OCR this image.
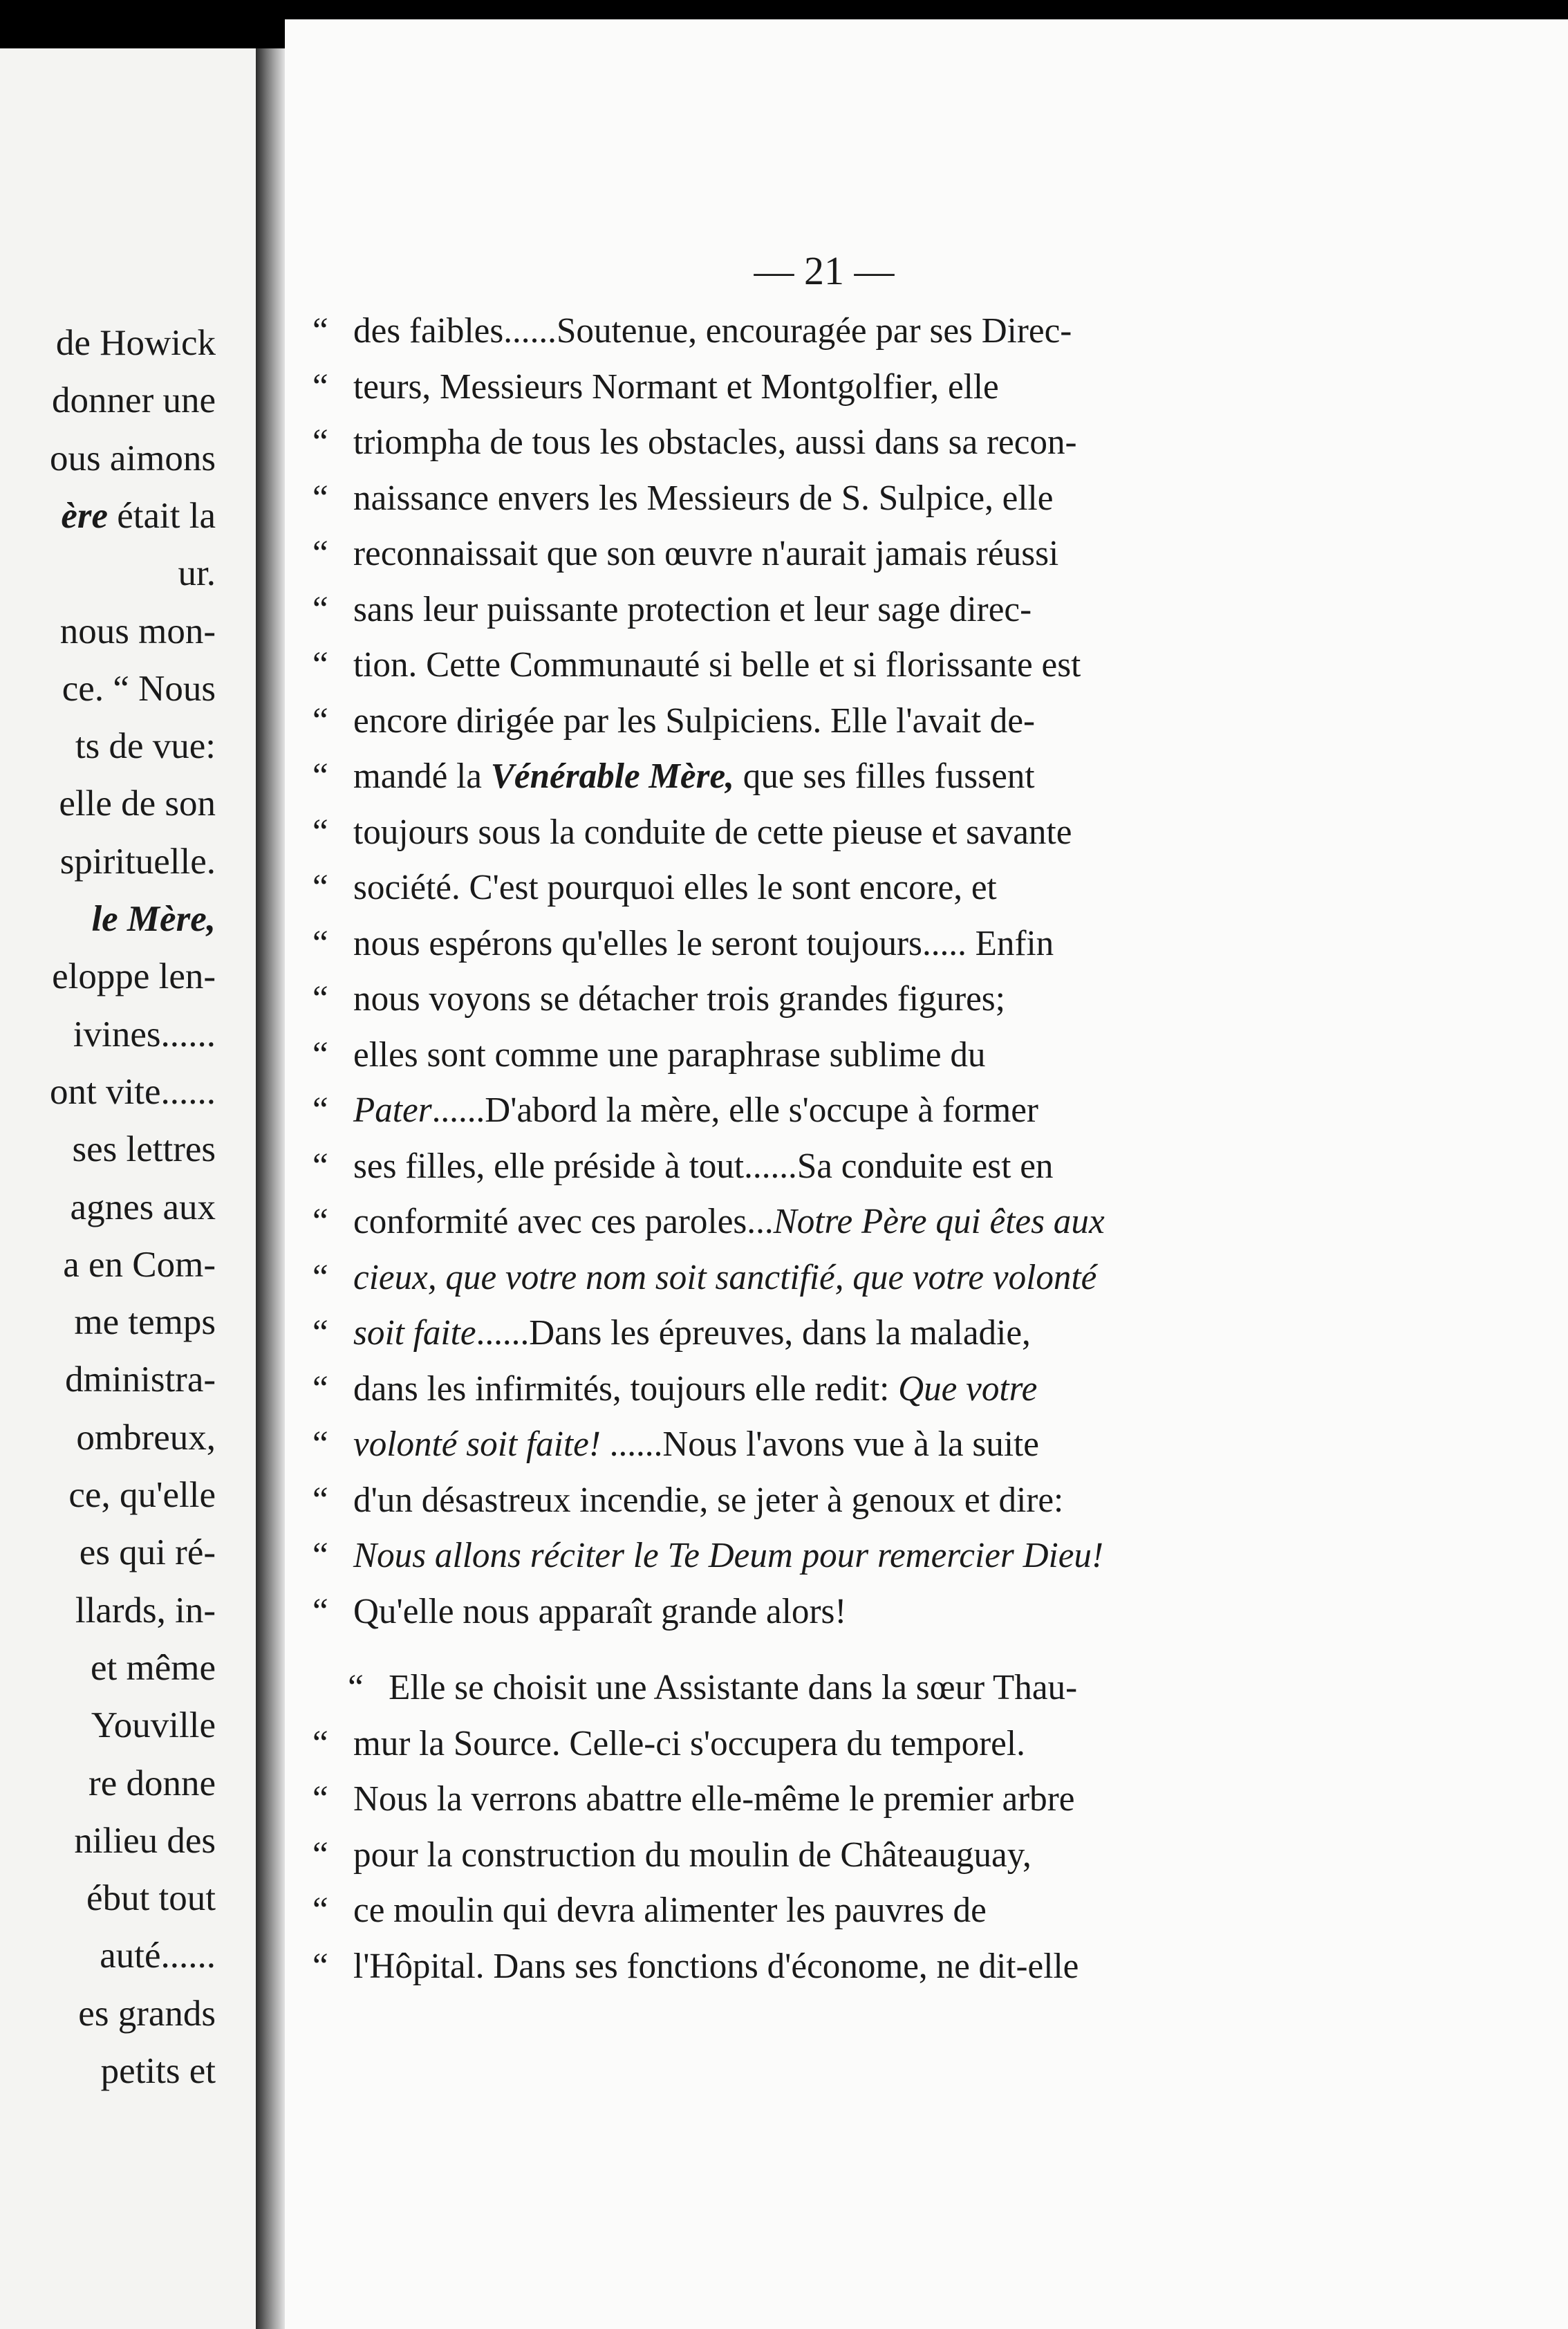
de Howick
donner une
ous aimons
ère était la
ur.
nous mon-
ce. “ Nous
ts de vue:
elle de son
spirituelle.
le Mère,
eloppe len-
ivines......
ont vite......
ses lettres
agnes aux
a en Com-
me temps
dministra-
ombreux,
ce, qu'elle
es qui ré-
llards, in-
et même
Youville
re donne
nilieu des
ébut tout
auté......
es grands
petits et
— 21 —
“ des faibles......Soutenue, encouragée par ses Direc-
“ teurs, Messieurs Normant et Montgolfier, elle
“ triompha de tous les obstacles, aussi dans sa recon-
“ naissance envers les Messieurs de S. Sulpice, elle
“ reconnaissait que son œuvre n'aurait jamais réussi
“ sans leur puissante protection et leur sage direc-
“ tion. Cette Communauté si belle et si florissante est
“ encore dirigée par les Sulpiciens. Elle l'avait de-
“ mandé la Vénérable Mère, que ses filles fussent
“ toujours sous la conduite de cette pieuse et savante
“ société. C'est pourquoi elles le sont encore, et
“ nous espérons qu'elles le seront toujours..... Enfin
“ nous voyons se détacher trois grandes figures;
“ elles sont comme une paraphrase sublime du
“ Pater......D'abord la mère, elle s'occupe à former
“ ses filles, elle préside à tout......Sa conduite est en
“ conformité avec ces paroles...Notre Père qui êtes aux
“ cieux, que votre nom soit sanctifié, que votre volonté
“ soit faite......Dans les épreuves, dans la maladie,
“ dans les infirmités, toujours elle redit: Que votre
“ volonté soit faite! ......Nous l'avons vue à la suite
“ d'un désastreux incendie, se jeter à genoux et dire:
“ Nous allons réciter le Te Deum pour remercier Dieu!
“ Qu'elle nous apparaît grande alors!
“ Elle se choisit une Assistante dans la sœur Thau-
“ mur la Source. Celle-ci s'occupera du temporel.
“ Nous la verrons abattre elle-même le premier arbre
“ pour la construction du moulin de Châteauguay,
“ ce moulin qui devra alimenter les pauvres de
“ l'Hôpital. Dans ses fonctions d'économe, ne dit-elle
